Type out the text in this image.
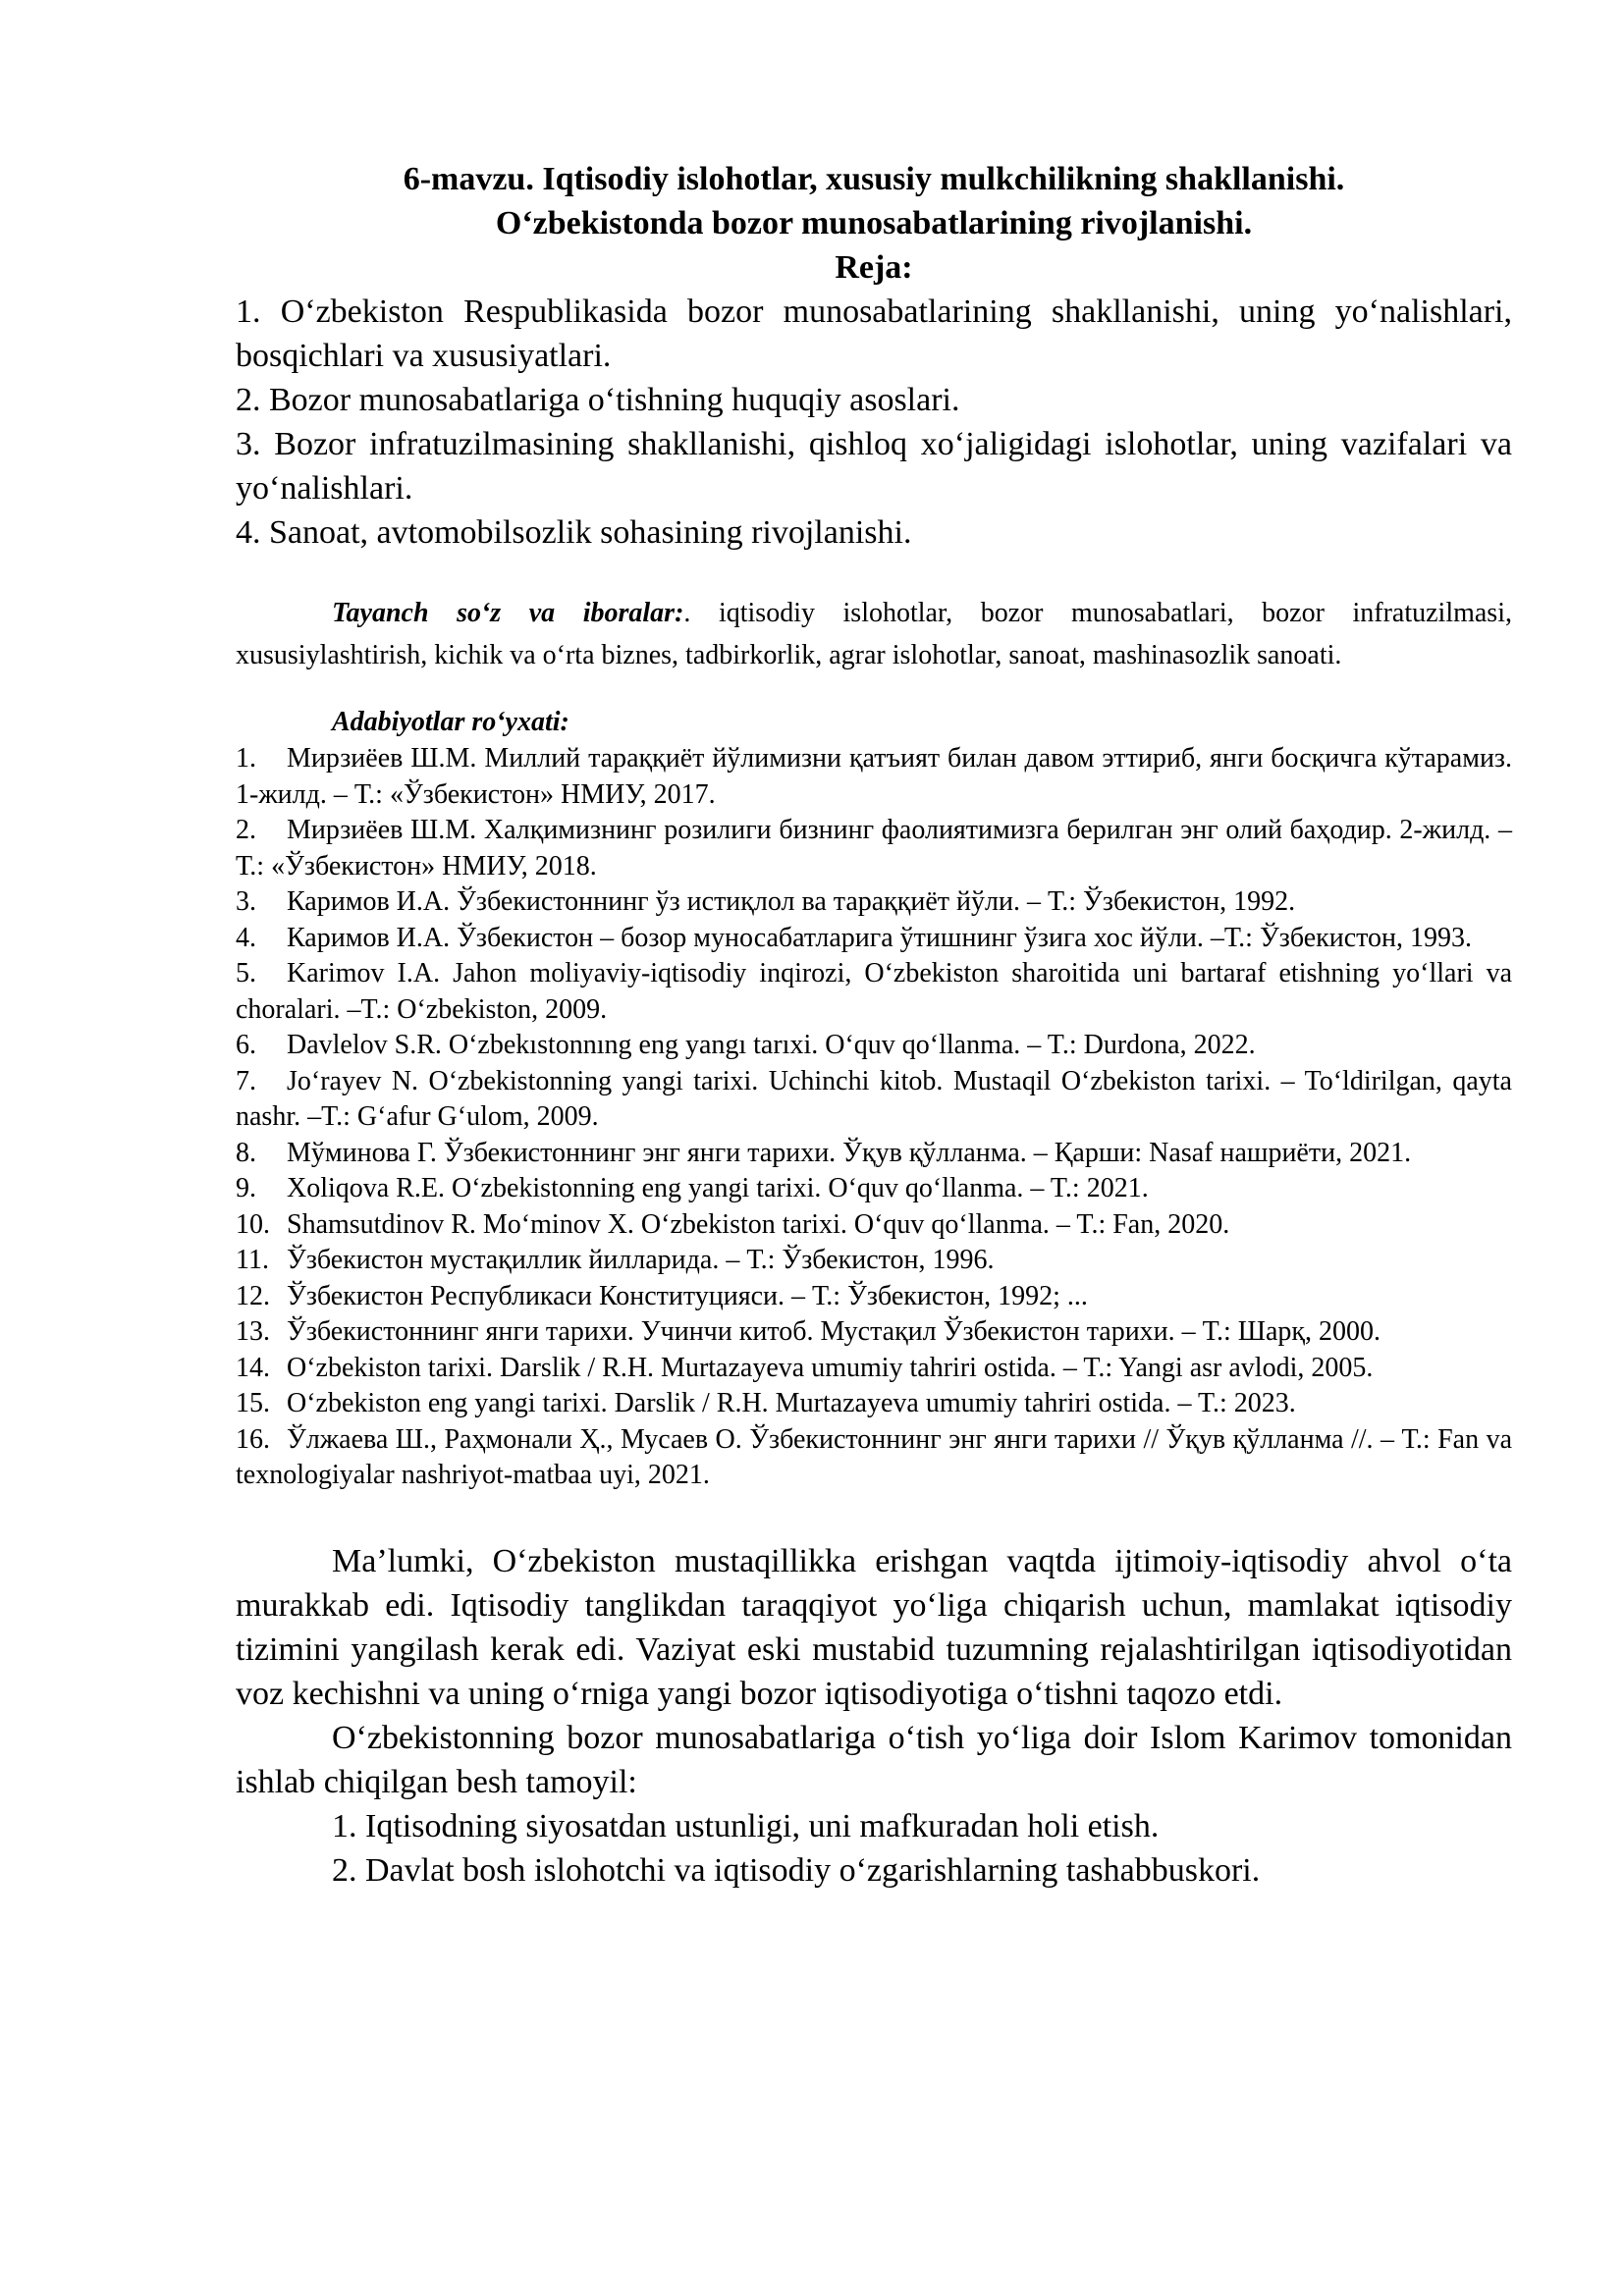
6-mavzu. Iqtisodiy islohotlar, xususiy mulkchilikning shakllanishi.

O‘zbekistonda bozor munosabatlarining rivojlanishi.

Reja:

1. O‘zbekiston Respublikasida bozor munosabatlarining shakllanishi, uning yo‘nalishlari, bosqichlari va xususiyatlari.

2. Bozor munosabatlariga o‘tishning huquqiy asoslari.

3. Bozor infratuzilmasining shakllanishi, qishloq xo‘jaligidagi islohotlar, uning vazifalari va yo‘nalishlari.

4. Sanoat, avtomobilsozlik sohasining rivojlanishi.

Tayanch so‘z va iboralar:. iqtisodiy islohotlar, bozor munosabatlari, bozor infratuzilmasi, xususiylashtirish, kichik va o‘rta biznes, tadbirkorlik, agrar islohotlar, sanoat, mashinasozlik sanoati.

Adabiyotlar ro‘yxati:

1. Мирзиёев Ш.М. Миллий тараққиёт йўлимизни қатъият билан давом эттириб, янги босқичга кўтарамиз. 1-жилд. – Т.: «Ўзбекистон» НМИУ, 2017.

2. Мирзиёев Ш.М. Халқимизнинг розилиги бизнинг фаолиятимизга берилган энг олий баҳодир. 2-жилд. – Т.: «Ўзбекистон» НМИУ, 2018.

3. Каримов И.А. Ўзбекистоннинг ўз истиқлол ва тараққиёт йўли. – Т.: Ўзбекистон, 1992.

4. Каримов И.А. Ўзбекистон – бозор муносабатларига ўтишнинг ўзига хос йўли. –Т.: Ўзбекистон, 1993.

5. Karimov I.A. Jahon moliyaviy-iqtisodiy inqirozi, O‘zbekiston sharoitida uni bartaraf etishning yo‘llari va choralari. –T.: O‘zbekiston, 2009.

6. Davlelov S.R. O‘zbekıstonnıng eng yangı tarıxi. O‘quv qo‘llanma. – T.: Durdona, 2022.

7. Jo‘rayev N. O‘zbekistonning yangi tarixi. Uchinchi kitob. Mustaqil O‘zbekiston tarixi. – To‘ldirilgan, qayta nashr. –T.: G‘afur G‘ulom, 2009.

8. Мўминова Г. Ўзбекистоннинг энг янги тарихи. Ўқув қўлланма. – Қарши: Nasaf нашриёти, 2021.

9. Xoliqova R.E. O‘zbekistonning eng yangi tarixi. O‘quv qo‘llanma. – T.: 2021.

10. Shamsutdinov R. Mo‘minov X. O‘zbekiston tarixi. O‘quv qo‘llanma. – T.: Fan, 2020.

11. Ўзбекистон мустақиллик йилларида. – Т.: Ўзбекистон, 1996.

12. Ўзбекистон Республикаси Конституцияси. – Т.: Ўзбекистон, 1992; ...

13. Ўзбекистоннинг янги тарихи. Учинчи китоб. Мустақил Ўзбекистон тарихи. – Т.: Шарқ, 2000.

14. O‘zbekiston tarixi. Darslik / R.H. Murtazayeva umumiy tahriri ostida. – T.: Yangi asr avlodi, 2005.

15. O‘zbekiston eng yangi tarixi. Darslik / R.H. Murtazayeva umumiy tahriri ostida. – T.: 2023.

16. Ўлжаева Ш., Раҳмонали Ҳ., Мусаев О. Ўзбекистоннинг энг янги тарихи // Ўқув қўлланма //. – Т.: Fan va texnologiyalar nashriyot-matbaa uyi, 2021.

Ma’lumki, O‘zbekiston mustaqillikka erishgan vaqtda ijtimoiy-iqtisodiy ahvol o‘ta murakkab edi. Iqtisodiy tanglikdan taraqqiyot yo‘liga chiqarish uchun, mamlakat iqtisodiy tizimini yangilash kerak edi. Vaziyat eski mustabid tuzumning rejalashtirilgan iqtisodiyotidan voz kechishni va uning o‘rniga yangi bozor iqtisodiyotiga o‘tishni taqozo etdi.

O‘zbekistonning bozor munosabatlariga o‘tish yo‘liga doir Islom Karimov tomonidan ishlab chiqilgan besh tamoyil:

1. Iqtisodning siyosatdan ustunligi, uni mafkuradan holi etish.

2. Davlat bosh islohotchi va iqtisodiy o‘zgarishlarning tashabbuskori.
